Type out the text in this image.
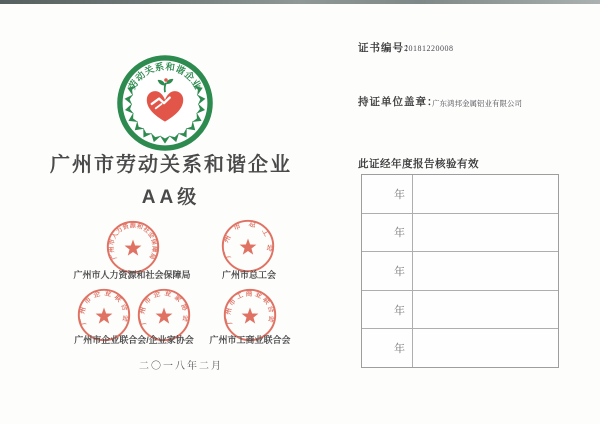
劳动关系和谐企业
广州市劳动关系和谐企业
AA级
广州市人力资源和社会保障局	广州市总工会
广州市企业联合会 广州市企业家协会	广州市工商业联合会
广州市人力资源和社会保障局	广州市总工会
广州市企业联合会/企业家协会	广州市工商业联合会
二〇一八年二月
证书编号：
20181220008
持证单位盖章：
广东鸿邦金属铝业有限公司
此证经年度报告核验有效
年
年
年
年
年
